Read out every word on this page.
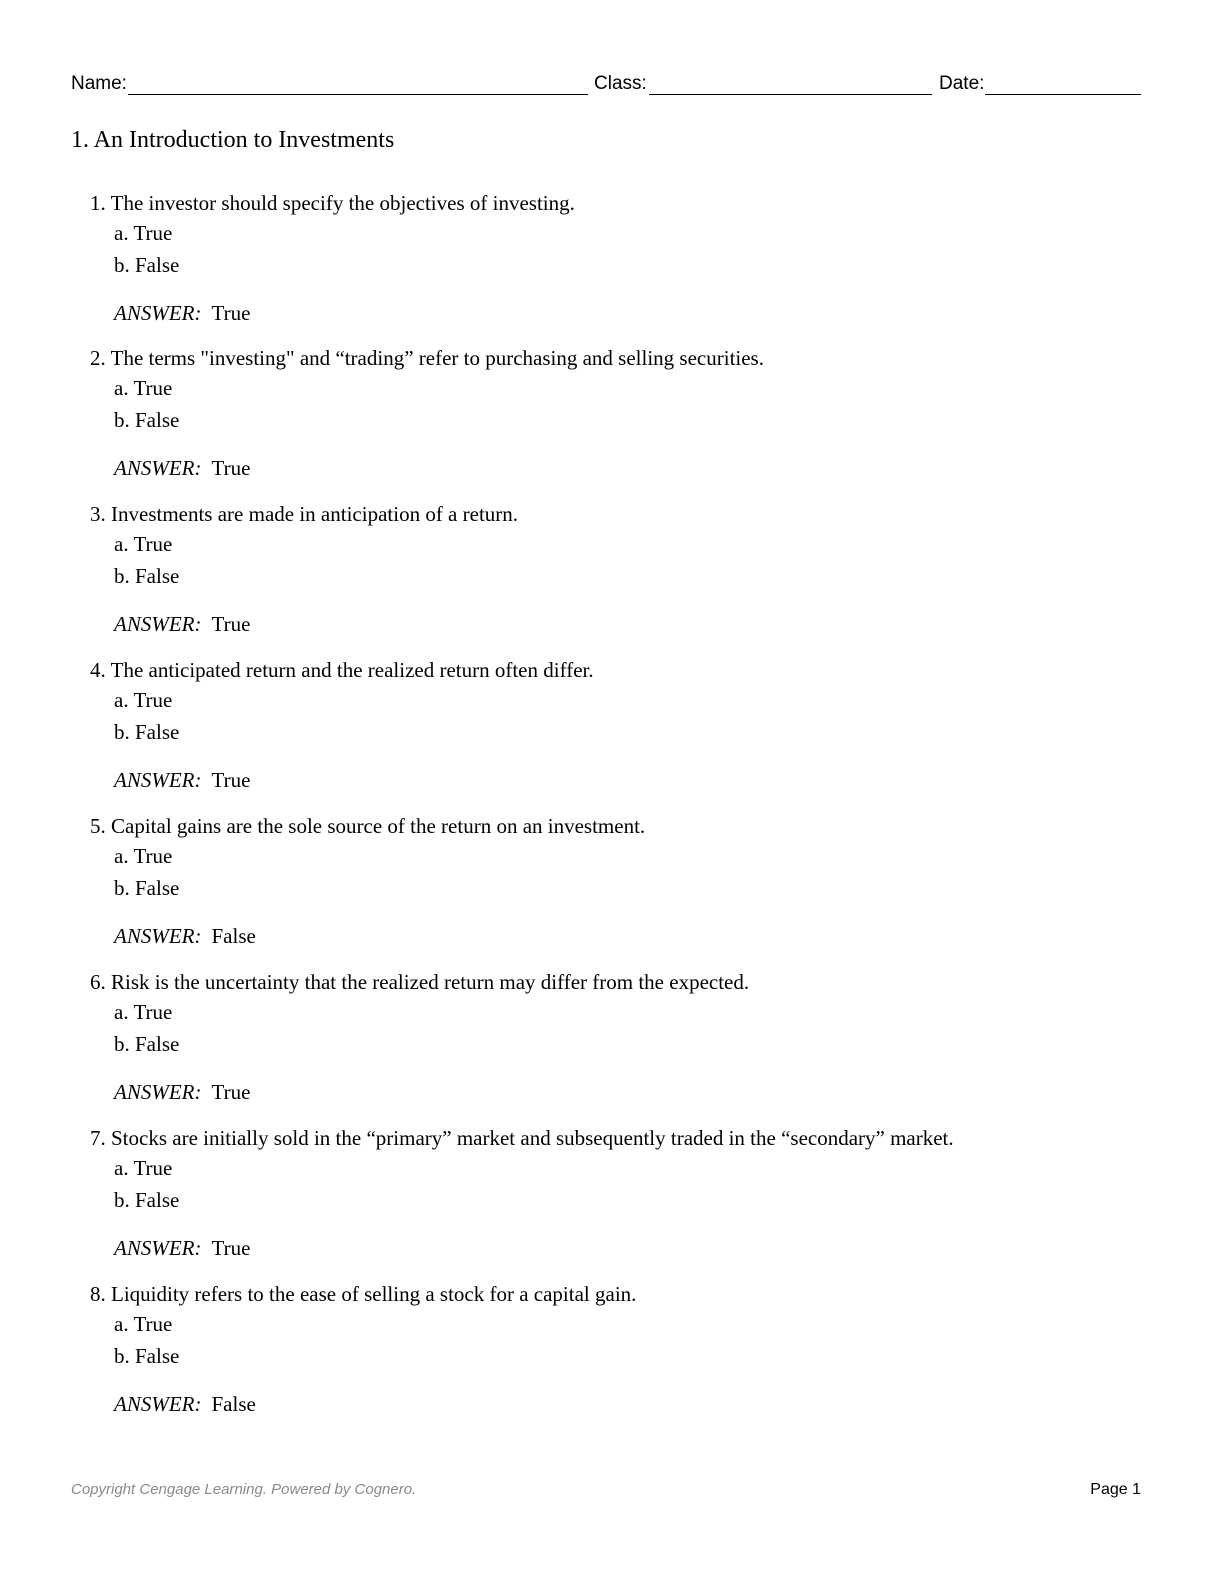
Name:	Class:	Date:
1. An Introduction to Investments
1. The investor should specify the objectives of investing.
a. True
b. False
ANSWER: True
2. The terms "investing" and “trading” refer to purchasing and selling securities.
a. True
b. False
ANSWER: True
3. Investments are made in anticipation of a return.
a. True
b. False
ANSWER: True
4. The anticipated return and the realized return often differ.
a. True
b. False
ANSWER: True
5. Capital gains are the sole source of the return on an investment.
a. True
b. False
ANSWER: False
6. Risk is the uncertainty that the realized return may differ from the expected.
a. True
b. False
ANSWER: True
7. Stocks are initially sold in the “primary” market and subsequently traded in the “secondary” market.
a. True
b. False
ANSWER: True
8. Liquidity refers to the ease of selling a stock for a capital gain.
a. True
b. False
ANSWER: False
Copyright Cengage Learning. Powered by Cognero.	Page 1
